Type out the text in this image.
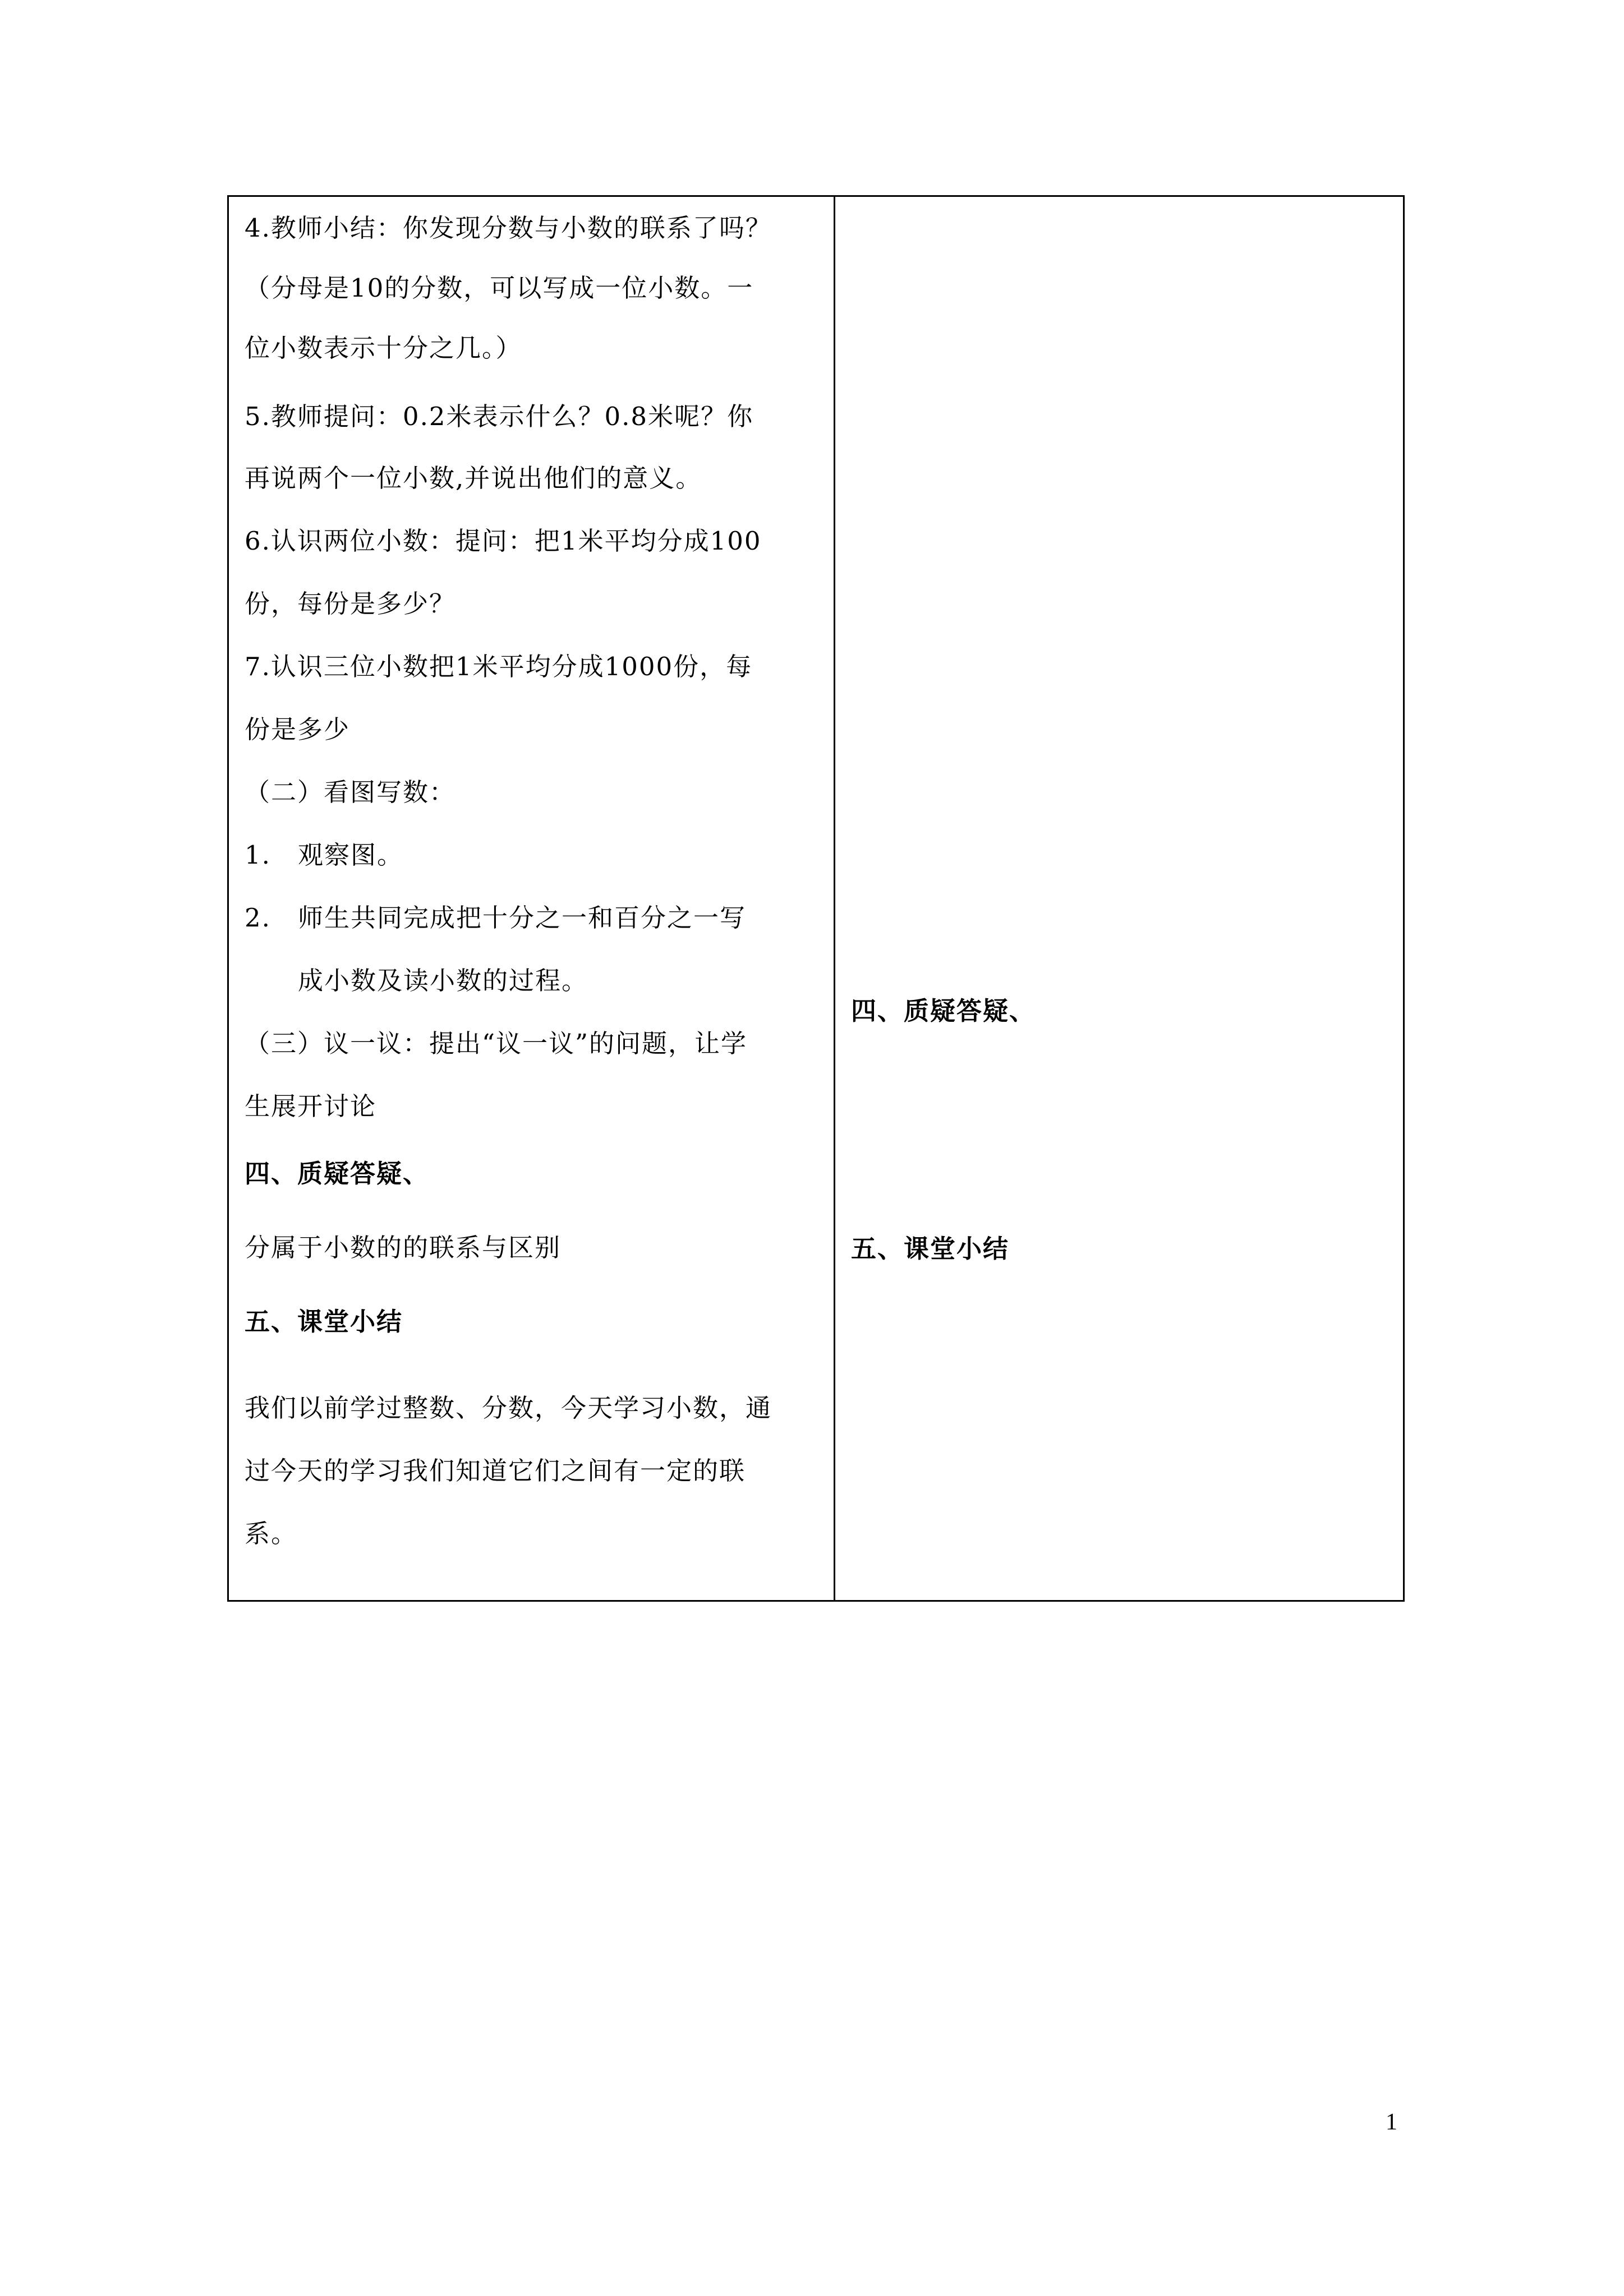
4.教师小结：你发现分数与小数的联系了吗？
（分母是10的分数，可以写成一位小数。一
位小数表示十分之几。）
5.教师提问：0.2米表示什么？0.8米呢？你
再说两个一位小数,并说出他们的意义。
6.认识两位小数：提问：把1米平均分成100
份，每份是多少？
7.认识三位小数把1米平均分成1000份，每
份是多少
（二）看图写数：
1. 观察图。
2. 师生共同完成把十分之一和百分之一写
成小数及读小数的过程。
（三）议一议：提出“议一议”的问题，让学
生展开讨论
四、质疑答疑、
分属于小数的的联系与区别
五、课堂小结
我们以前学过整数、分数，今天学习小数，通
过今天的学习我们知道它们之间有一定的联
系。

四、质疑答疑、
五、课堂小结
1
